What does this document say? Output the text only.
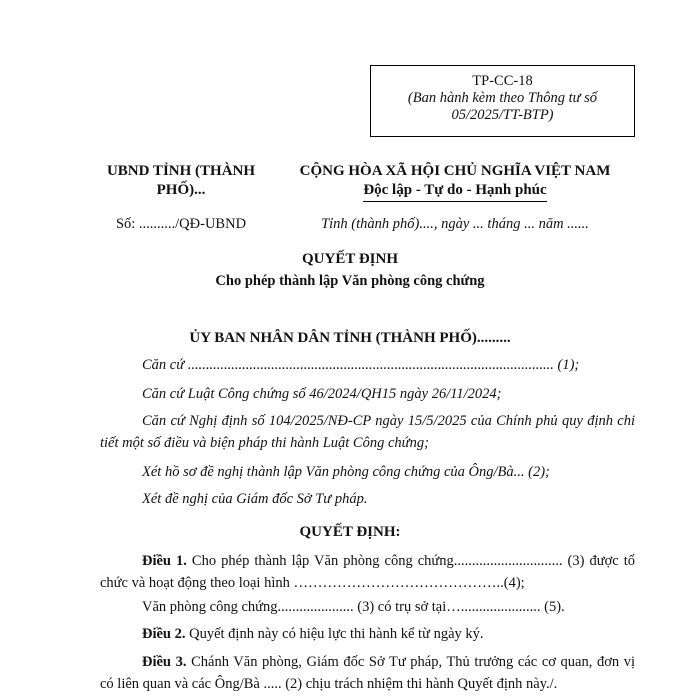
TP-CC-18
(Ban hành kèm theo Thông tư số 05/2025/TT-BTP)
UBND TỈNH (THÀNH PHỐ)...
CỘNG HÒA XÃ HỘI CHỦ NGHĨA VIỆT NAM
Độc lập - Tự do - Hạnh phúc
Số: ........../QĐ-UBND	Tỉnh (thành phố)...., ngày ... tháng ... năm ......
QUYẾT ĐỊNH
Cho phép thành lập Văn phòng công chứng
ỦY BAN NHÂN DÂN TỈNH (THÀNH PHỐ).........
Căn cứ ..................................................................................................... (1);
Căn cứ Luật Công chứng số 46/2024/QH15 ngày 26/11/2024;
Căn cứ Nghị định số 104/2025/NĐ-CP ngày 15/5/2025 của Chính phủ quy định chi tiết một số điều và biện pháp thi hành Luật Công chứng;
Xét hồ sơ đề nghị thành lập Văn phòng công chứng của Ông/Bà... (2);
Xét đề nghị của Giám đốc Sở Tư pháp.
QUYẾT ĐỊNH:
Điều 1. Cho phép thành lập Văn phòng công chứng.............................. (3) được tổ chức và hoạt động theo loại hình ……………………………………..(4);
Văn phòng công chứng..................... (3) có trụ sở tại…...................... (5).
Điều 2. Quyết định này có hiệu lực thi hành kể từ ngày ký.
Điều 3. Chánh Văn phòng, Giám đốc Sở Tư pháp, Thủ trưởng các cơ quan, đơn vị có liên quan và các Ông/Bà ..... (2) chịu trách nhiệm thi hành Quyết định này./.
